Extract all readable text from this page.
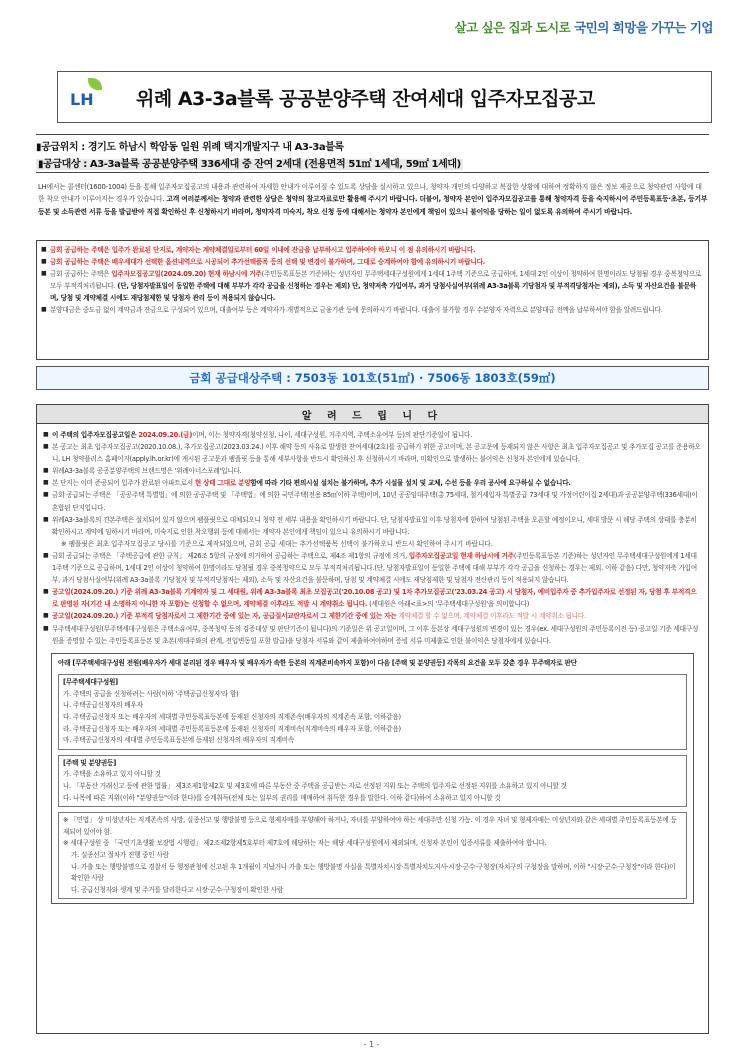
살고 싶은 집과 도시로 국민의 희망을 가꾸는 기업
LH 위례 A3-3a블록 공공분양주택 잔여세대 입주자모집공고
▮공급위치 : 경기도 하남시 학암동 일원 위례 택지개발지구 내 A3-3a블록
▮공급대상 : A3-3a블록 공공분양주택 336세대 중 잔여 2세대 (전용면적 51㎡ 1세대, 59㎡ 1세대)
LH에서는 콜센터(1600-1004) 등을 통해 입주자모집공고의 내용과 관련하여 자세한 안내가 이루어질 수 있도록 상담을 실시하고 있으나, 청약자 개인의 다양하고 복잡한 상황에 대하여 정확하지 않은 정보 제공으로 청약관련 사항에 대한 착오 안내가 이루어지는 경우가 있습니다. 고객 여러분께서는 청약과 관련한 상담은 청약의 참고자료로만 활용해 주시기 바랍니다. 더불어, 청약자 본인이 입주자모집공고를 통해 청약자격 등을 숙지하시어 주민등록표등·초본, 등기부등본 및 소득관련 서류 등을 발급받아 직접 확인하신 후 신청하시기 바라며, 청약자격 미숙지, 착오 신청 등에 대해서는 청약자 본인에게 책임이 있으니 불이익을 당하는 일이 없도록 유의하여 주시기 바랍니다.
■ 금회 공급하는 주택은 입주가 완료된 단지로, 계약자는 계약체결일로부터 60일 이내에 잔금을 납부하시고 입주하여야 하오니 이 점 유의하시기 바랍니다.
■ 금회 공급하는 주택은 배우세대가 선택한 옵션내역으로 시공되어 추가선택품목 등의 선택 및 변경이 불가하며, 그대로 승계하여야 함에 유의하시기 바랍니다.
■ 금회 공급하는 주택은 입주자모집공고일(2024.09.20) 현재 하남시에 거주(주민등록표등본 기준)하는 성년자인 무주택세대구성원에게 1세대 1주택 기준으로 공급하며, 1세대 2인 이상이 청약하여 한명이라도 당첨될 경우 중복청약으로 모두 부적격처리됩니다. (단, 당첨자발표일이 동일한 주택에 대해 부부가 각각 공급을 신청하는 경우는 제외) 단, 청약저축 가입여부, 과거 당첨사실여부(위례 A3-3a블록 기당첨자 및 부적격당첨자는 제외), 소득 및 자산요건을 불문하며, 당첨 및 계약체결 시에도 재당첨제한 및 당첨자 관리 등이 적용되지 않습니다.
■ 분양대금은 중도금 없이 계약금과 잔금으로 구성되어 있으며, 대출여부 등은 계약자가 개별적으로 금융기관 등에 문의하시기 바랍니다. 대출이 불가할 경우 수분양자 자력으로 분양대금 전액을 납부하셔야 함을 알려드립니다.
금회 공급대상주택 : 7503동 101호(51㎡) · 7506동 1803호(59㎡)
알 려 드 립 니 다
■ 이 주택의 입주자모집공고일은 2024.09.20.(금)이며, 이는 청약자격(청약신청, 나이, 세대구성원, 거주지역, 주택소유여부 등)의 판단기준일이 됩니다.
■ 본 공고는 최초 입주자모집공고(2020.10.08.), 추가모집공고(2023.03.24.) 이후 해약 등의 사유로 발생한 잔여세대(2호)를 공급하기 위한 공고이며, 본 공고문에 등재되지 않은 사항은 최초 입주자모집공고 및 추가모집 공고를 준용하오니, LH 청약플러스 홈페이지(apply.lh.or.kr)에 게시된 공고문과 팸플릿 등을 통해 세부사항을 반드시 확인하신 후 신청하시기 바라며, 미확인으로 발생하는 불이익은 신청자 본인에게 있습니다.
■ 위례A3-3a블록 공공분양주택의 브랜드명은 '위례아너스포레'입니다.
■ 본 단지는 이미 준공되어 입주가 완료된 아파트로서 현 상태 그대로 분양함에 따라 기타 편의시설 설치는 불가하며, 추가 시설물 설치 및 교체, 수선 등을 우리 공사에 요구하실 수 없습니다.
■ 금회 공급되는 주택은 「공공주택 특별법」에 의한 공공주택 및 「주택법」에 의한 국민주택(전용 85㎡이하 주택)이며, 10년 공공임대주택(총 75세대, 철거세입자 특별공급 73세대 및 가정어린이집 2세대)과 공공분양주택(336세대)이 혼합된 단지입니다.
■ 위례A3-3a블록의 견본주택은 설치되어 있지 않으며 팸플릿으로 대체되오니 청약 전 세부 내용을 확인하시기 바랍니다. 단, 당첨자발표일 이후 당첨자에 한하여 당첨된 주택을 오픈할 예정이오니, 세대 방문 시 해당 주택의 상태를 충분히 확인하시고 계약에 임하시기 바라며, 미숙지로 인한 착오행위 등에 대해서는 계약자 본인에게 책임이 있으니 유의하시기 바랍니다.
※ 팸플릿은 최초 입주자모집공고 당시를 기준으로 제작되었으며, 금회 공급 세대는 추가선택품목 선택이 불가하오니 반드시 확인하여 주시기 바랍니다.
■ 금회 공급되는 주택은 「주택공급에 관한 규칙」 제26조 5항의 규정에 의거하여 공급하는 주택으로, 제4조 제1항의 규정에 의거, 입주자모집공고일 현재 하남시에 거주(주민등록표등본 기준)하는 성년자인 무주택세대구성원에게 1세대 1주택 기준으로 공급하며, 1세대 2인 이상이 청약하여 한명이라도 당첨될 경우 중복청약으로 모두 부적격처리됩니다.(단, 당첨자발표일이 동일한 주택에 대해 부부가 각각 공급을 신청하는 경우는 제외. 이하 같음) 다만, 청약저축 가입여부, 과거 당첨사실여부(위례 A3-3a블록 기당첨자 및 부적격당첨자는 제외), 소득 및 자산요건을 불문하며, 당첨 및 계약체결 시에도 재당첨제한 및 당첨자 전산관리 등이 적용되지 않습니다.
■ 공고일(2024.09.20.) 기준 위례 A3-3a블록 기계약자 및 그 세대원, 위례 A3-3a블록 최초 모집공고('20.10.08 공고) 및 1차 추가모집공고('23.03.24 공고) 시 당첨자, 예비입주자 중 추가입주자로 선정된 자, 당첨 후 부적격으로 판명된 자(기간 내 소명하지 아니한 자 포함)는 신청할 수 없으며, 계약체결 이후라도 적발 시 계약취소 됩니다. (세대원은 아래<표>의 '무주택세대구성원'을 의미합니다)
■ 공고일(2024.09.20.) 기준 부적격 당첨자로서 그 제한기간 중에 있는 자, 공급질서교란자로서 그 제한기간 중에 있는 자는 계약체결 할 수 없으며, 계약체결 이후라도 적발 시 계약취소 됩니다.
■ 무주택세대구성원(무주택세대구성원은 주택소유여부, 중복청약 등의 검증대상 및 판단기준이 됩니다)의 기준일은 위 공고일이며, 그 이후 등본상 세대구성원의 변경이 있는 경우(ex. 세대구성원의 주민등록이전 등) 공고일 기준 세대구성원을 증명할 수 있는 주민등록표등본 및 초본(세대주와의 관계, 전입변동일 포함 발급)을 당첨자 서류와 같이 제출하여야하며 증빙 서류 미제출로 인한 불이익은 당첨자에게 있습니다.
아래 [무주택세대구성원 전원(배우자가 세대 분리된 경우 배우자 및 배우자가 속한 등본의 직계존비속까지 포함)이 다음 [주택 및 분양권등] 각목의 요건을 모두 갖춘 경우 무주택자로 판단
[무주택세대구성원]
가. 주택의 공급을 신청하려는 사람(이하 '주택공급신청자'라 함)
나. 주택공급신청자의 배우자
다. 주택공급신청자 또는 배우자의 세대별 주민등록표등본에 등재된 신청자의 직계존속(배우자의 직계존속 포함, 이하같음)
라. 주택공급신청자 또는 배우자의 세대별 주민등록표등본에 등재된 신청자의 직계비속(직계비속의 배우자 포함, 이하같음)
마. 주택공급신청자의 세대별 주민등록표등본에 등재된 신청자의 배우자의 직계비속
[주택 및 분양권등]
가. 주택을 소유하고 있지 아니할 것
나. 「부동산 거래신고 등에 관한 법률」 제3조제1항제2호 및 제3호에 따른 부동산 중 주택을 공급받는 자로 선정된 지위 또는 주택의 입주자로 선정된 지위를 소유하고 있지 아니할 것
다. 나목에 따른 지위(이하 "분양권등"이라 한다)를 승계취득(전체 또는 일부의 권리를 매매하여 취득한 경우를 말한다. 이하 같다)하여 소유하고 있지 아니할 것
※ 「민법」 상 미성년자는 직계존속의 사망, 실종선고 및 행방불명 등으로 형제자매를 부양해야 하거나, 자녀를 부양하여야 하는 세대주만 신청 가능. 이 경우 자녀 및 형제자매는 미성년자와 같은 세대별 주민등록표등본에 등재되어 있어야 함.
※ 세대구성원 중 「국민기초생활 보장법 시행령」 제2조제2항제5호부터 제7호에 해당하는 자는 해당 세대구성원에서 제외되며, 신청자 본인이 입증서류를 제출하여야 합니다.
가. 실종선고 절차가 진행 중인 사람
나. 가출 또는 행방불명으로 경찰서 등 행정관청에 신고된 후 1개월이 지났거나 가출 또는 행방불명 사실을 특별자치시장·특별자치도지사·시장·군수·구청장(자치구의 구청장을 말하며, 이하 "시장·군수·구청장"이라 한다)이 확인한 사람
다. 공급신청자와 생계 및 주거를 달리한다고 시장·군수·구청장이 확인한 사람
- 1 -
